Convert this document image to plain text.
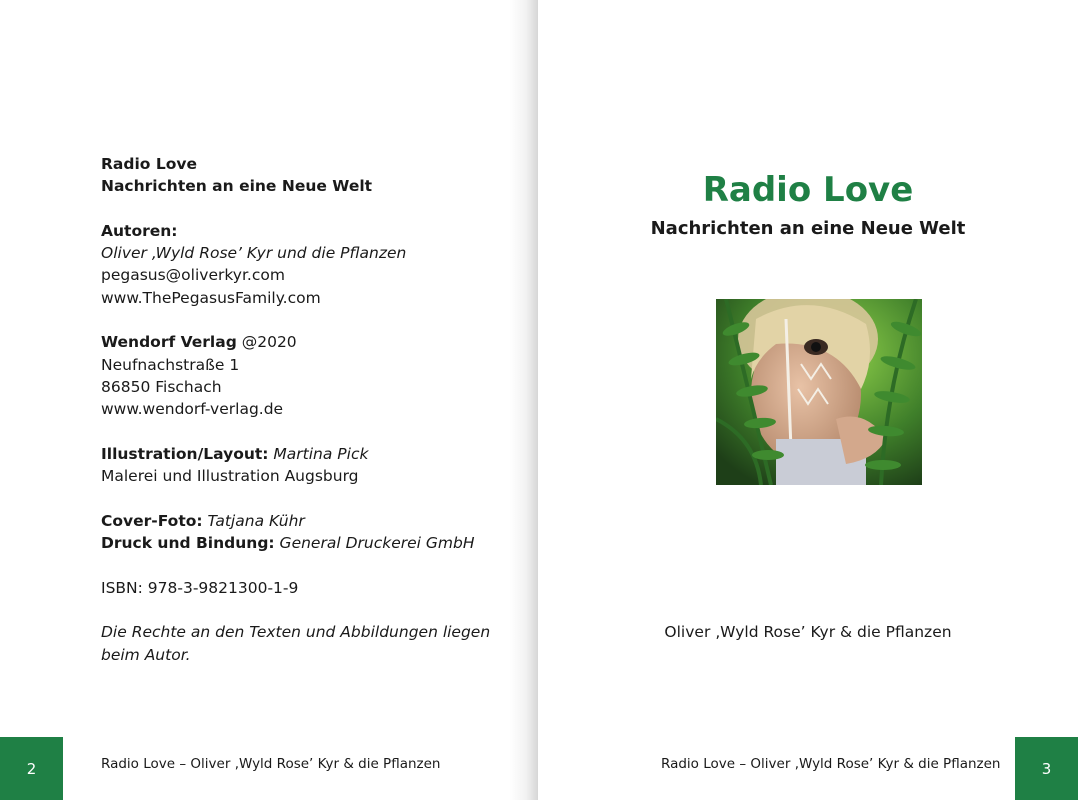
Radio Love
Nachrichten an eine Neue Welt

Autoren:
Oliver ‚Wyld Rose’ Kyr und die Pflanzen
pegasus@oliverkyr.com
www.ThePegasusFamily.com

Wendorf Verlag @2020
Neufnachstraße 1
86850 Fischach
www.wendorf-verlag.de

Illustration/Layout: Martina Pick
Malerei und Illustration Augsburg

Cover-Foto: Tatjana Kühr
Druck und Bindung: General Druckerei GmbH

ISBN: 978-3-9821300-1-9

Die Rechte an den Texten und Abbildungen liegen beim Autor.

2	Radio Love – Oliver ‚Wyld Rose’ Kyr & die Pflanzen
Radio Love
Nachrichten an eine Neue Welt
Oliver ‚Wyld Rose’ Kyr & die Pflanzen
Radio Love – Oliver ‚Wyld Rose’ Kyr & die Pflanzen	3
